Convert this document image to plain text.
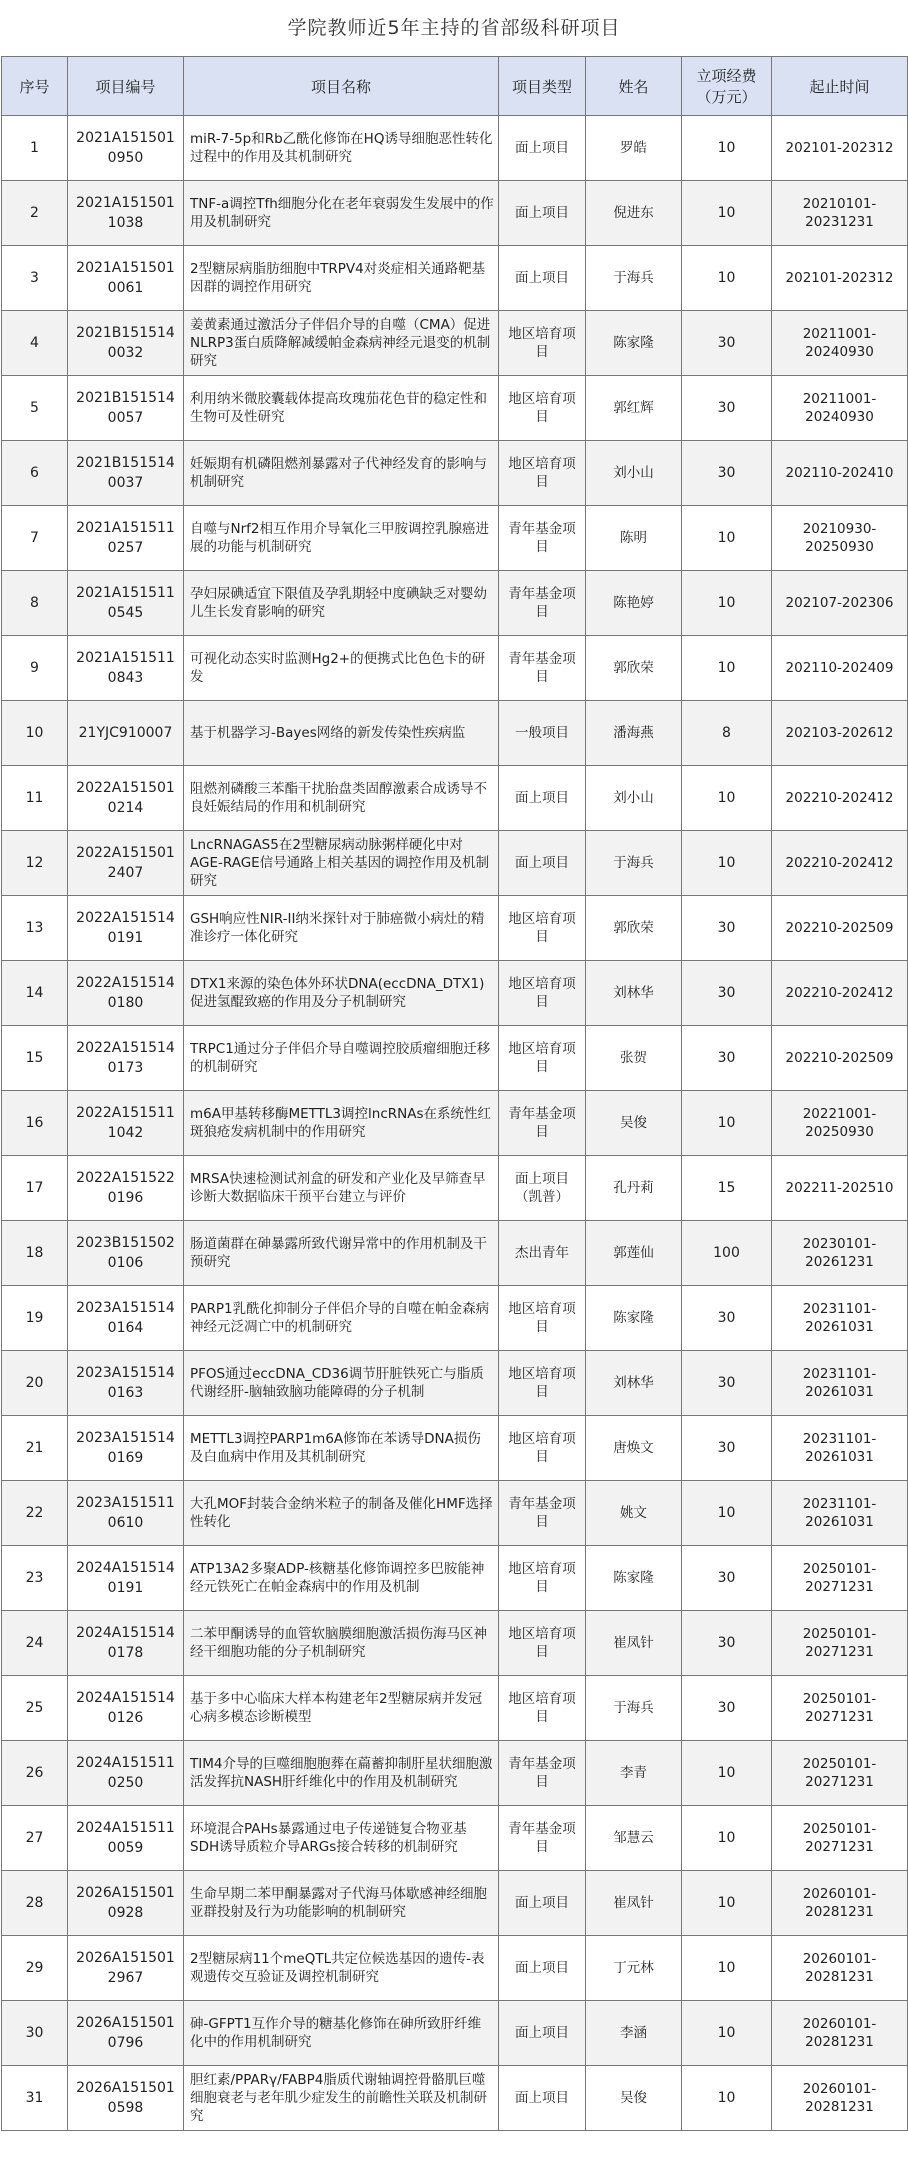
学院教师近5年主持的省部级科研项目
序号	项目编号	项目名称	项目类型	姓名	立项经费（万元）	起止时间
1	2021A1515010950	miR-7-5p和Rb乙酰化修饰在HQ诱导细胞恶性转化过程中的作用及其机制研究	面上项目	罗皓	10	202101-202312
2	2021A1515011038	TNF-a调控Tfh细胞分化在老年衰弱发生发展中的作用及机制研究	面上项目	倪进东	10	20210101-20231231
3	2021A1515010061	2型糖尿病脂肪细胞中TRPV4对炎症相关通路靶基因群的调控作用研究	面上项目	于海兵	10	202101-202312
4	2021B1515140032	姜黄素通过激活分子伴侣介导的自噬（CMA）促进NLRP3蛋白质降解减缓帕金森病神经元退变的机制研究	地区培育项目	陈家隆	30	20211001-20240930
5	2021B1515140057	利用纳米微胶囊载体提高玫瑰茄花色苷的稳定性和生物可及性研究	地区培育项目	郭红辉	30	20211001-20240930
6	2021B1515140037	妊娠期有机磷阻燃剂暴露对子代神经发育的影响与机制研究	地区培育项目	刘小山	30	202110-202410
7	2021A1515110257	自噬与Nrf2相互作用介导氧化三甲胺调控乳腺癌进展的功能与机制研究	青年基金项目	陈明	10	20210930-20250930
8	2021A1515110545	孕妇尿碘适宜下限值及孕乳期轻中度碘缺乏对婴幼儿生长发育影响的研究	青年基金项目	陈艳婷	10	202107-202306
9	2021A1515110843	可视化动态实时监测Hg2+的便携式比色色卡的研发	青年基金项目	郭欣荣	10	202110-202409
10	21YJC910007	基于机器学习-Bayes网络的新发传染性疾病监	一般项目	潘海燕	8	202103-202612
11	2022A1515010214	阻燃剂磷酸三苯酯干扰胎盘类固醇激素合成诱导不良妊娠结局的作用和机制研究	面上项目	刘小山	10	202210-202412
12	2022A1515012407	LncRNAGAS5在2型糖尿病动脉粥样硬化中对AGE-RAGE信号通路上相关基因的调控作用及机制研究	面上项目	于海兵	10	202210-202412
13	2022A1515140191	GSH响应性NIR-II纳米探针对于肺癌微小病灶的精准诊疗一体化研究	地区培育项目	郭欣荣	30	202210-202509
14	2022A1515140180	DTX1来源的染色体外环状DNA(eccDNA_DTX1)促进氢醌致癌的作用及分子机制研究	地区培育项目	刘林华	30	202210-202412
15	2022A1515140173	TRPC1通过分子伴侣介导自噬调控胶质瘤细胞迁移的机制研究	地区培育项目	张贺	30	202210-202509
16	2022A1515111042	m6A甲基转移酶METTL3调控lncRNAs在系统性红斑狼疮发病机制中的作用研究	青年基金项目	吴俊	10	20221001-20250930
17	2022A1515220196	MRSA快速检测试剂盒的研发和产业化及早筛查早诊断大数据临床干预平台建立与评价	面上项目（凯普）	孔丹莉	15	202211-202510
18	2023B1515020106	肠道菌群在砷暴露所致代谢异常中的作用机制及干预研究	杰出青年	郭莲仙	100	20230101-20261231
19	2023A1515140164	PARP1乳酰化抑制分子伴侣介导的自噬在帕金森病神经元泛凋亡中的机制研究	地区培育项目	陈家隆	30	20231101-20261031
20	2023A1515140163	PFOS通过eccDNA_CD36调节肝脏铁死亡与脂质代谢经肝-脑轴致脑功能障碍的分子机制	地区培育项目	刘林华	30	20231101-20261031
21	2023A1515140169	METTL3调控PARP1m6A修饰在苯诱导DNA损伤及白血病中作用及其机制研究	地区培育项目	唐焕文	30	20231101-20261031
22	2023A1515110610	大孔MOF封装合金纳米粒子的制备及催化HMF选择性转化	青年基金项目	姚文	10	20231101-20261031
23	2024A1515140191	ATP13A2多聚ADP-核糖基化修饰调控多巴胺能神经元铁死亡在帕金森病中的作用及机制	地区培育项目	陈家隆	30	20250101-20271231
24	2024A1515140178	二苯甲酮诱导的血管软脑膜细胞激活损伤海马区神经干细胞功能的分子机制研究	地区培育项目	崔凤针	30	20250101-20271231
25	2024A1515140126	基于多中心临床大样本构建老年2型糖尿病并发冠心病多模态诊断模型	地区培育项目	于海兵	30	20250101-20271231
26	2024A1515110250	TIM4介导的巨噬细胞胞葬在萹蓄抑制肝星状细胞激活发挥抗NASH肝纤维化中的作用及机制研究	青年基金项目	李青	10	20250101-20271231
27	2024A1515110059	环境混合PAHs暴露通过电子传递链复合物亚基SDH诱导质粒介导ARGs接合转移的机制研究	青年基金项目	邹慧云	10	20250101-20271231
28	2026A1515010928	生命早期二苯甲酮暴露对子代海马体歇感神经细胞亚群投射及行为功能影响的机制研究	面上项目	崔凤针	10	20260101-20281231
29	2026A1515012967	2型糖尿病11个meQTL共定位候选基因的遗传-表观遗传交互验证及调控机制研究	面上项目	丁元林	10	20260101-20281231
30	2026A1515010796	砷-GFPT1互作介导的糖基化修饰在砷所致肝纤维化中的作用机制研究	面上项目	李涵	10	20260101-20281231
31	2026A1515010598	胆红素/PPARγ/FABP4脂质代谢轴调控骨骼肌巨噬细胞衰老与老年肌少症发生的前瞻性关联及机制研究	面上项目	吴俊	10	20260101-20281231
